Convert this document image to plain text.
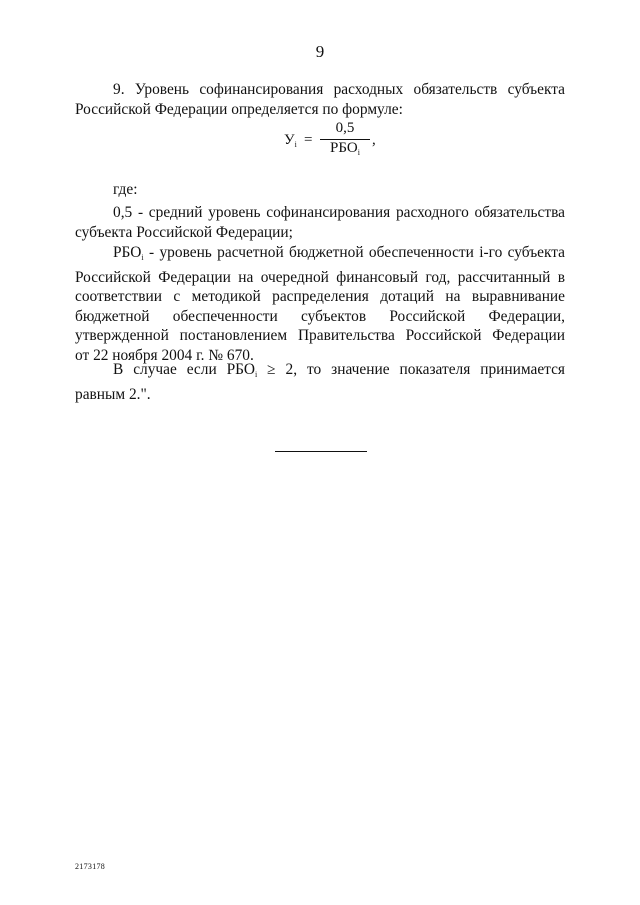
9
9. Уровень софинансирования расходных обязательств субъекта
Российской Федерации определяется по формуле:
$У_i$ =
0,5
$РБО_i$
,
где:
0,5 - средний уровень софинансирования расходного обязательства
субъекта Российской Федерации;
$РБО_i$ - уровень расчетной бюджетной обеспеченности i-го субъекта
Российской Федерации на очередной финансовый год, рассчитанный в
соответствии с методикой распределения дотаций на выравнивание
бюджетной обеспеченности субъектов Российской Федерации,
утвержденной постановлением Правительства Российской Федерации
от 22 ноября 2004 г. № 670.
В случае если РБОi ≥ 2, то значение показателя принимается
равным 2.".
2173178
